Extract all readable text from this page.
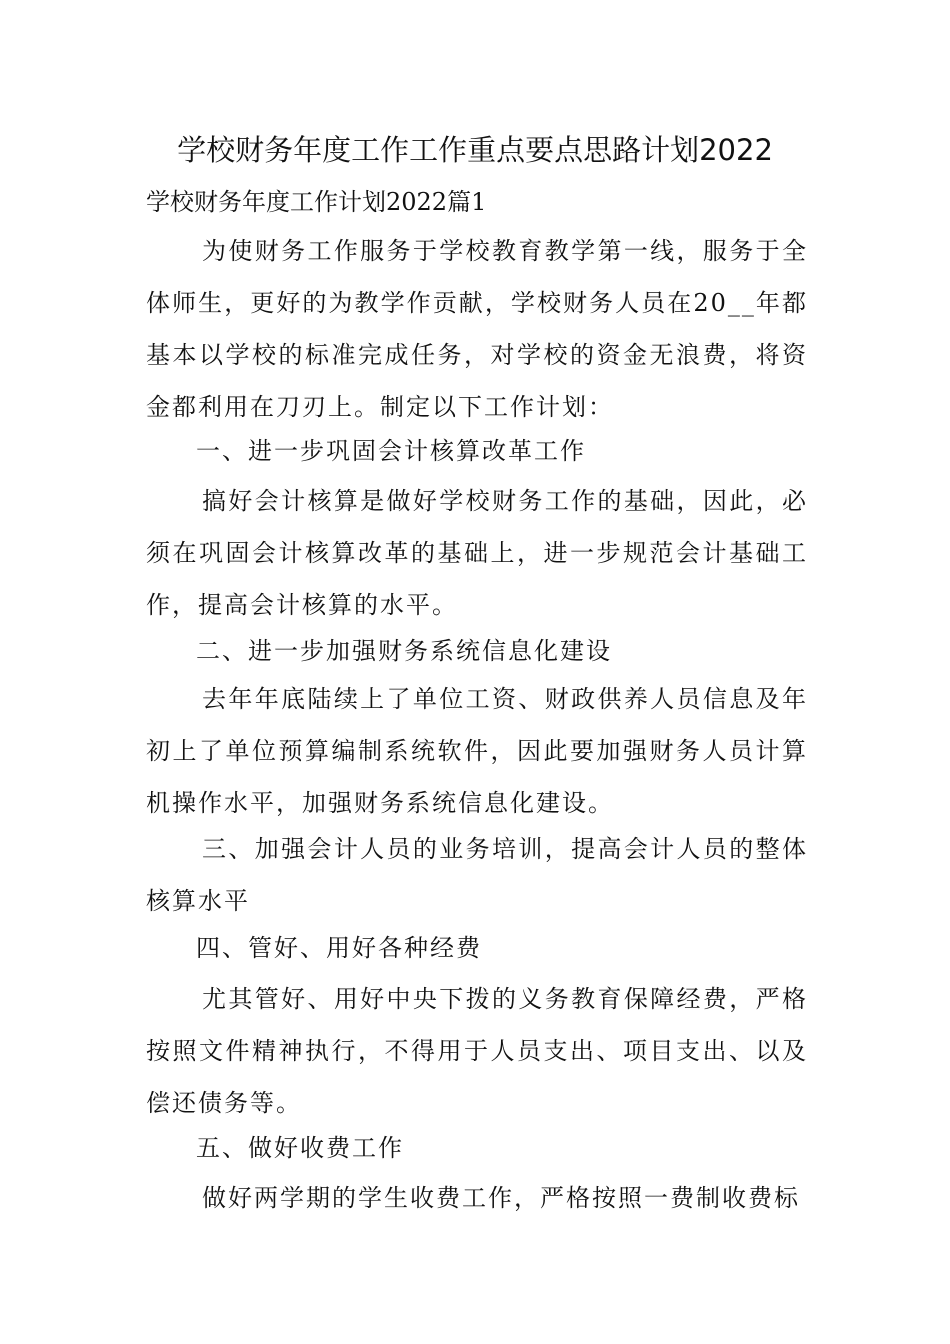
学校财务年度工作工作重点要点思路计划2022

学校财务年度工作计划2022篇1

为使财务工作服务于学校教育教学第一线，服务于全体师生，更好的为教学作贡献，学校财务人员在20__年都基本以学校的标准完成任务，对学校的资金无浪费，将资金都利用在刀刃上。制定以下工作计划：

一、进一步巩固会计核算改革工作

搞好会计核算是做好学校财务工作的基础，因此，必须在巩固会计核算改革的基础上，进一步规范会计基础工作，提高会计核算的水平。

二、进一步加强财务系统信息化建设

去年年底陆续上了单位工资、财政供养人员信息及年初上了单位预算编制系统软件，因此要加强财务人员计算机操作水平，加强财务系统信息化建设。

三、加强会计人员的业务培训，提高会计人员的整体核算水平

四、管好、用好各种经费

尤其管好、用好中央下拨的义务教育保障经费，严格按照文件精神执行，不得用于人员支出、项目支出、以及偿还债务等。

五、做好收费工作

做好两学期的学生收费工作，严格按照一费制收费标
